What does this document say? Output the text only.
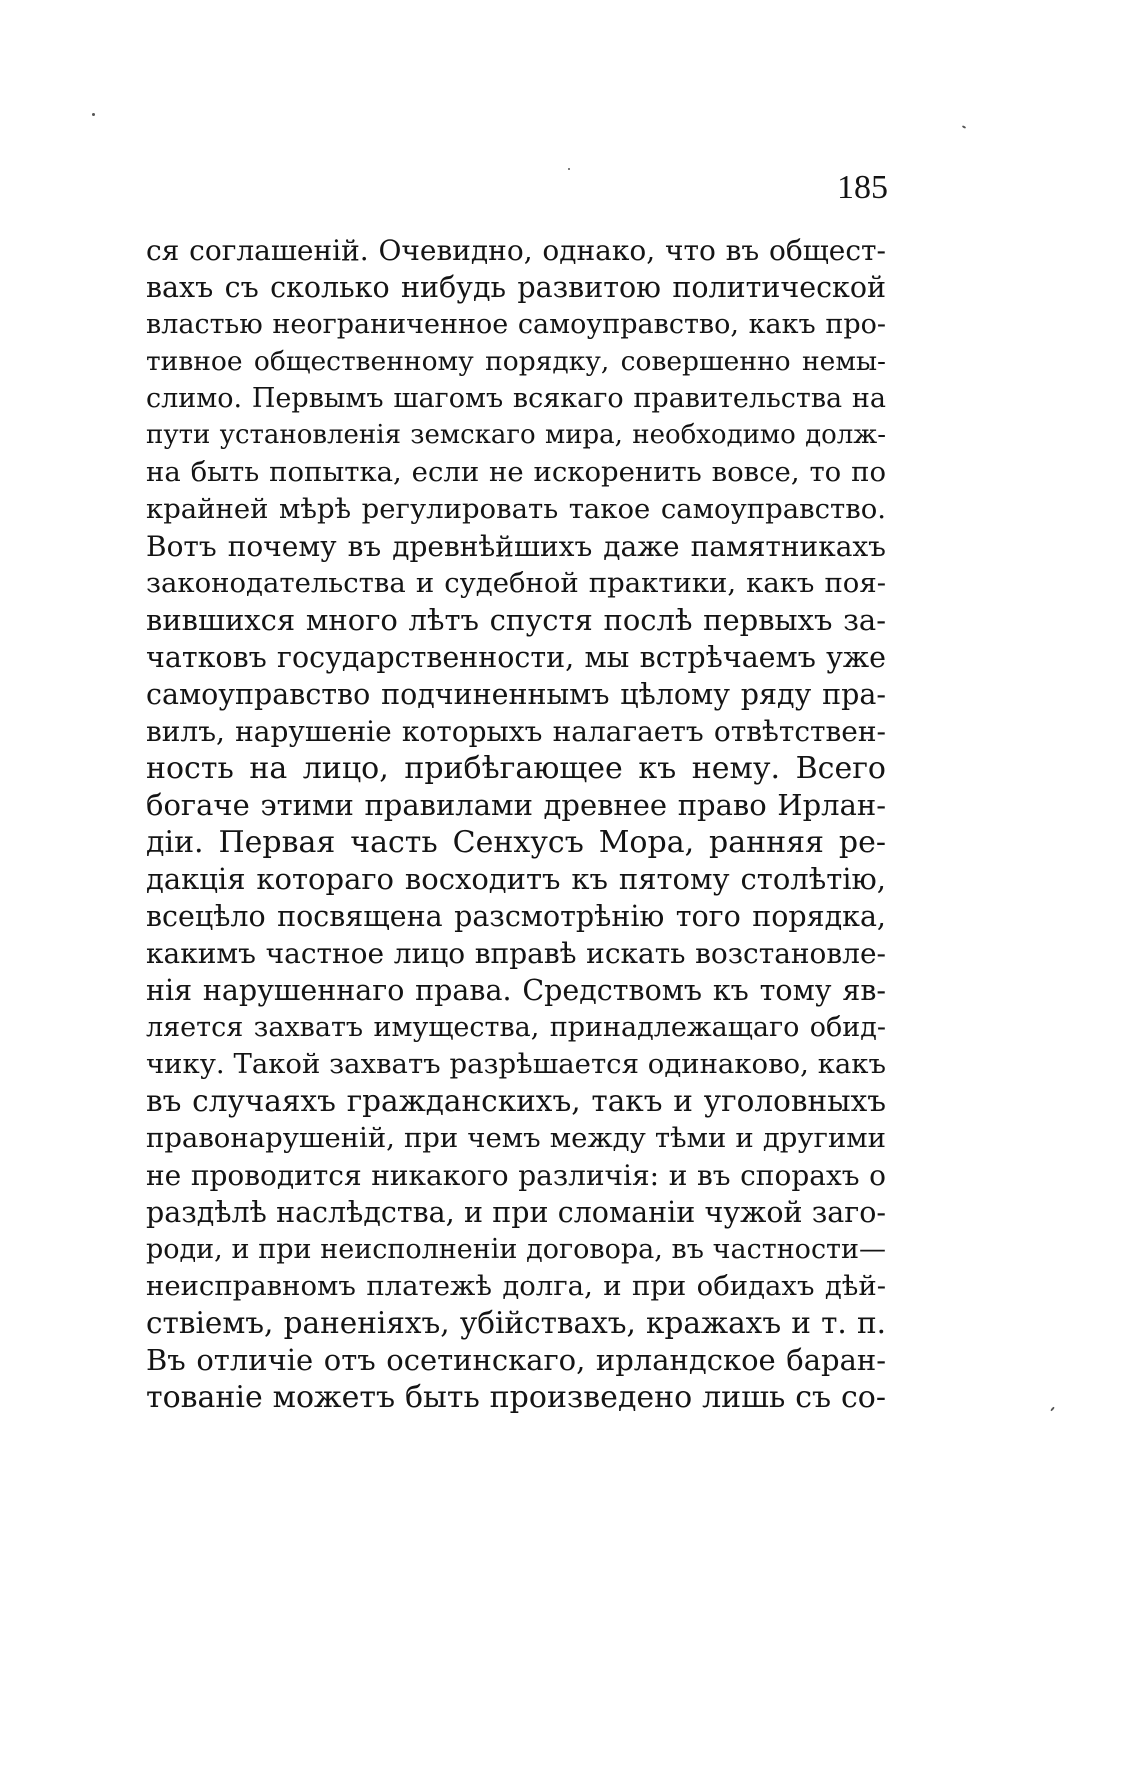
185
ся соглашеній. Очевидно, однако, что въ общест-
вахъ съ сколько нибудь развитою политической
властью неограниченное самоуправство, какъ про-
тивное общественному порядку, совершенно немы-
слимо. Первымъ шагомъ всякаго правительства на
пути установленія земскаго мира, необходимо долж-
на быть попытка, если не искоренить вовсе, то по
крайней мѣрѣ регулировать такое самоуправство.
Вотъ почему въ древнѣйшихъ даже памятникахъ
законодательства и судебной практики, какъ поя-
вившихся много лѣтъ спустя послѣ первыхъ за-
чатковъ государственности, мы встрѣчаемъ уже
самоуправство подчиненнымъ цѣлому ряду пра-
вилъ, нарушеніе которыхъ налагаетъ отвѣтствен-
ность на лицо, прибѣгающее къ нему. Всего
богаче этими правилами древнее право Ирлан-
діи. Первая часть Сенхусъ Мора, ранняя ре-
дакція котораго восходитъ къ пятому столѣтію,
всецѣло посвящена разсмотрѣнію того порядка,
какимъ частное лицо вправѣ искать возстановле-
нія нарушеннаго права. Средствомъ къ тому яв-
ляется захватъ имущества, принадлежащаго обид-
чику. Такой захватъ разрѣшается одинаково, какъ
въ случаяхъ гражданскихъ, такъ и уголовныхъ
правонарушеній, при чемъ между тѣми и другими
не проводится никакого различія: и въ спорахъ о
раздѣлѣ наслѣдства, и при сломаніи чужой заго-
роди, и при неисполненіи договора, въ частности—
неисправномъ платежѣ долга, и при обидахъ дѣй-
ствіемъ, раненіяхъ, убійствахъ, кражахъ и т. п.
Въ отличіе отъ осетинскаго, ирландское баран-
тованіе можетъ быть произведено лишь съ со-
